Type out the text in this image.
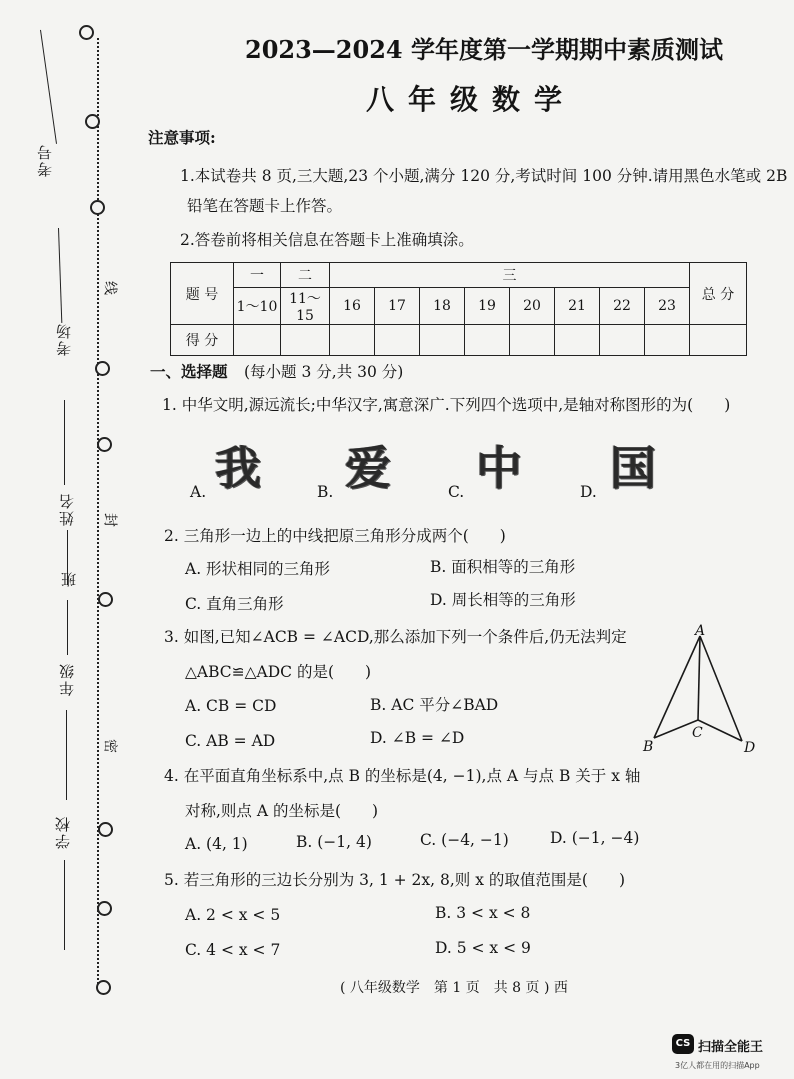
考号
考场
姓名
班
年级
学校
线
封
密
2023—2024 学年度第一学期期中素质测试
八年级数学
注意事项:
1.本试卷共 8 页,三大题,23 个小题,满分 120 分,考试时间 100 分钟.请用黑色水笔或 2B
铅笔在答题卡上作答。
2.答卷前将相关信息在答题卡上准确填涂。
题 号	一	二	三								总 分
	1～10	11～15	16	17	18	19	20	21	22	23	
得 分											
一、选择题 (每小题 3 分,共 30 分)
1. 中华文明,源远流长;中华汉字,寓意深广.下列四个选项中,是轴对称图形的为(　　)
A. 我	B. 爱	C. 中	D. 国
2. 三角形一边上的中线把原三角形分成两个(　　)
A. 形状相同的三角形	B. 面积相等的三角形
C. 直角三角形	D. 周长相等的三角形
3. 如图,已知∠ACB = ∠ACD,那么添加下列一个条件后,仍无法判定
△ABC≌△ADC 的是(　　)
A. CB = CD	B. AC 平分∠BAD
C. AB = AD	D. ∠B = ∠D
A
B
C
D
4. 在平面直角坐标系中,点 B 的坐标是(4, −1),点 A 与点 B 关于 x 轴
对称,则点 A 的坐标是(　　)
A. (4, 1)	B. (−1, 4)	C. (−4, −1)	D. (−1, −4)
5. 若三角形的三边长分别为 3, 1 + 2x, 8,则 x 的取值范围是(　　)
A. 2 < x < 5	B. 3 < x < 8
C. 4 < x < 7	D. 5 < x < 9
( 八年级数学　第 1 页　共 8 页 ) 西
CS 扫描全能王
3亿人都在用的扫描App
